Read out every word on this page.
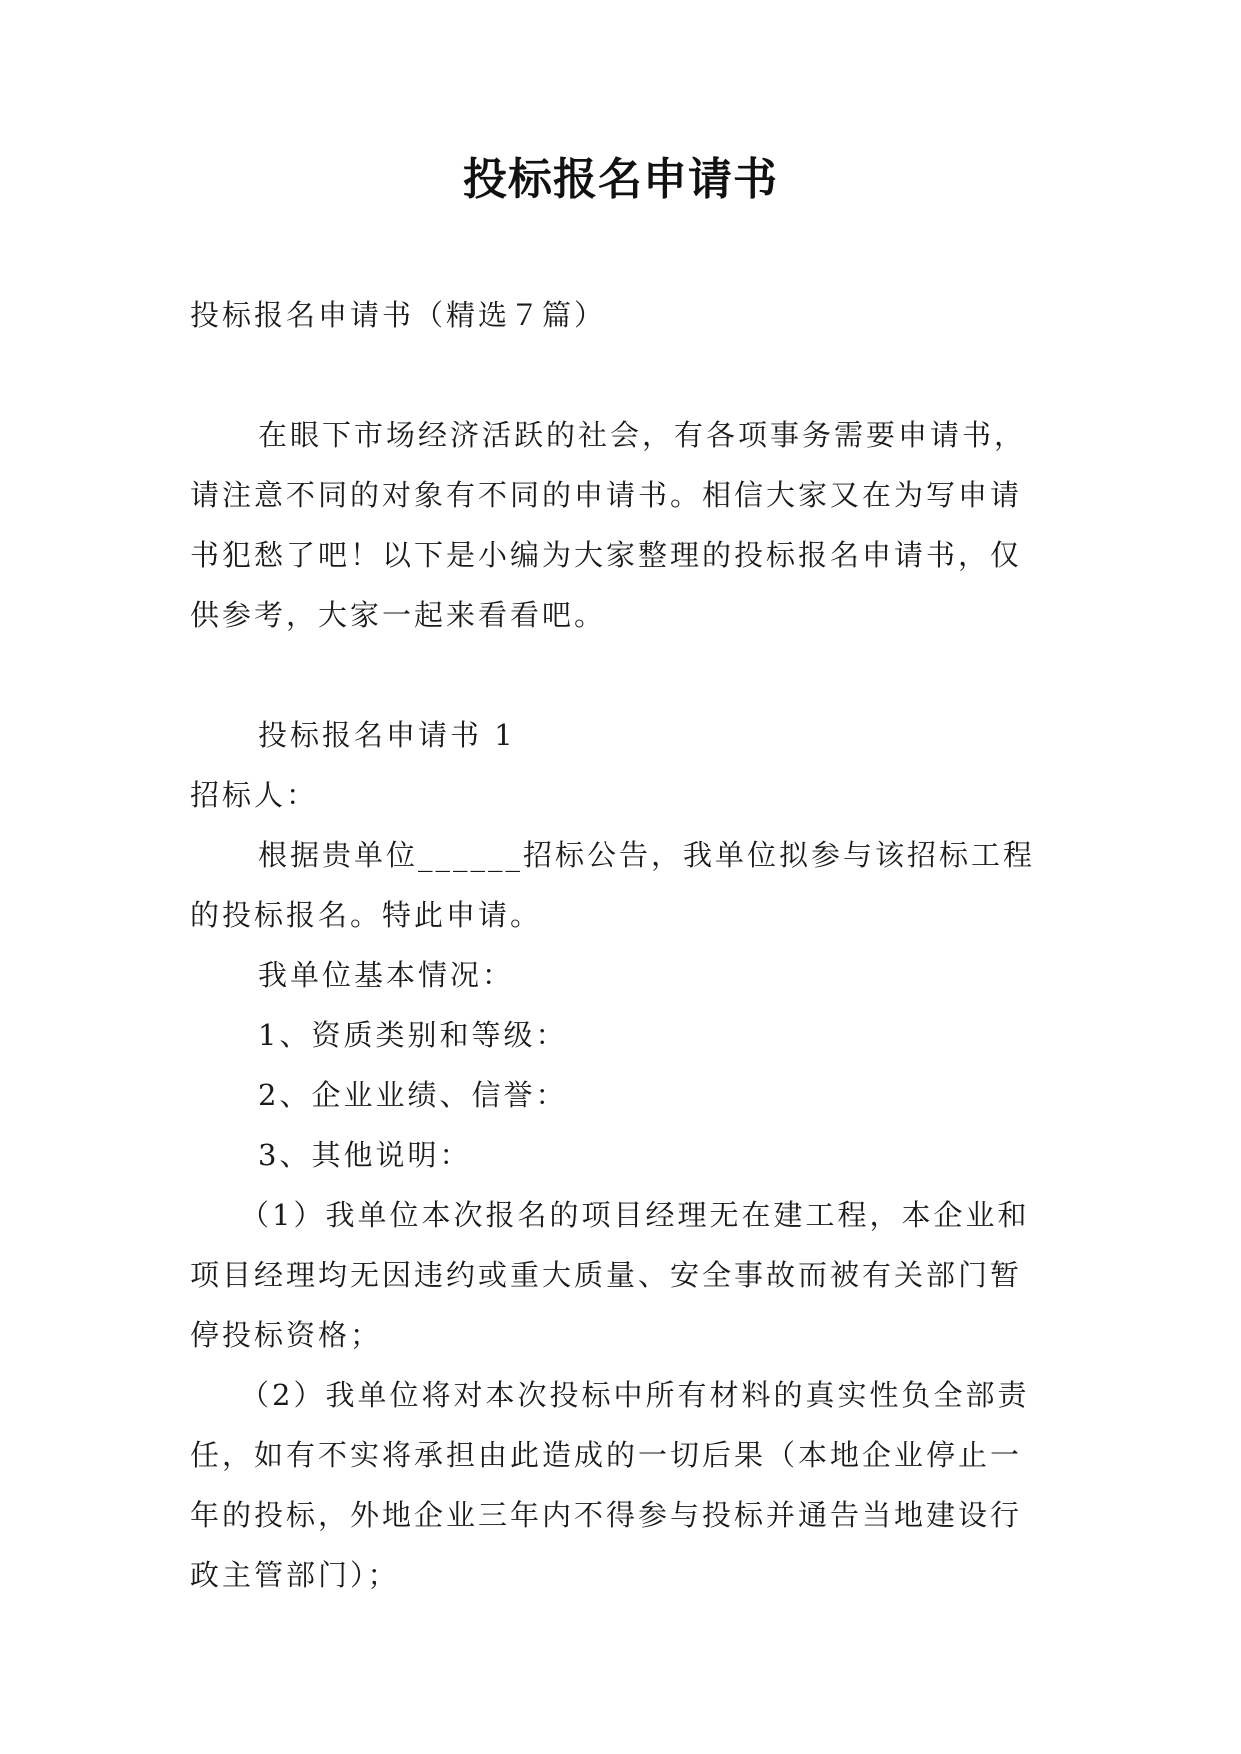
投标报名申请书

投标报名申请书（精选７篇）

在眼下市场经济活跃的社会，有各项事务需要申请书，请注意不同的对象有不同的申请书。相信大家又在为写申请书犯愁了吧！以下是小编为大家整理的投标报名申请书，仅供参考，大家一起来看看吧。

投标报名申请书 1

招标人：

根据贵单位______招标公告，我单位拟参与该招标工程的投标报名。特此申请。

我单位基本情况：

1、资质类别和等级：

2、企业业绩、信誉：

3、其他说明：

（1）我单位本次报名的项目经理无在建工程，本企业和项目经理均无因违约或重大质量、安全事故而被有关部门暂停投标资格；

（2）我单位将对本次投标中所有材料的真实性负全部责任，如有不实将承担由此造成的一切后果（本地企业停止一年的投标，外地企业三年内不得参与投标并通告当地建设行政主管部门）；
